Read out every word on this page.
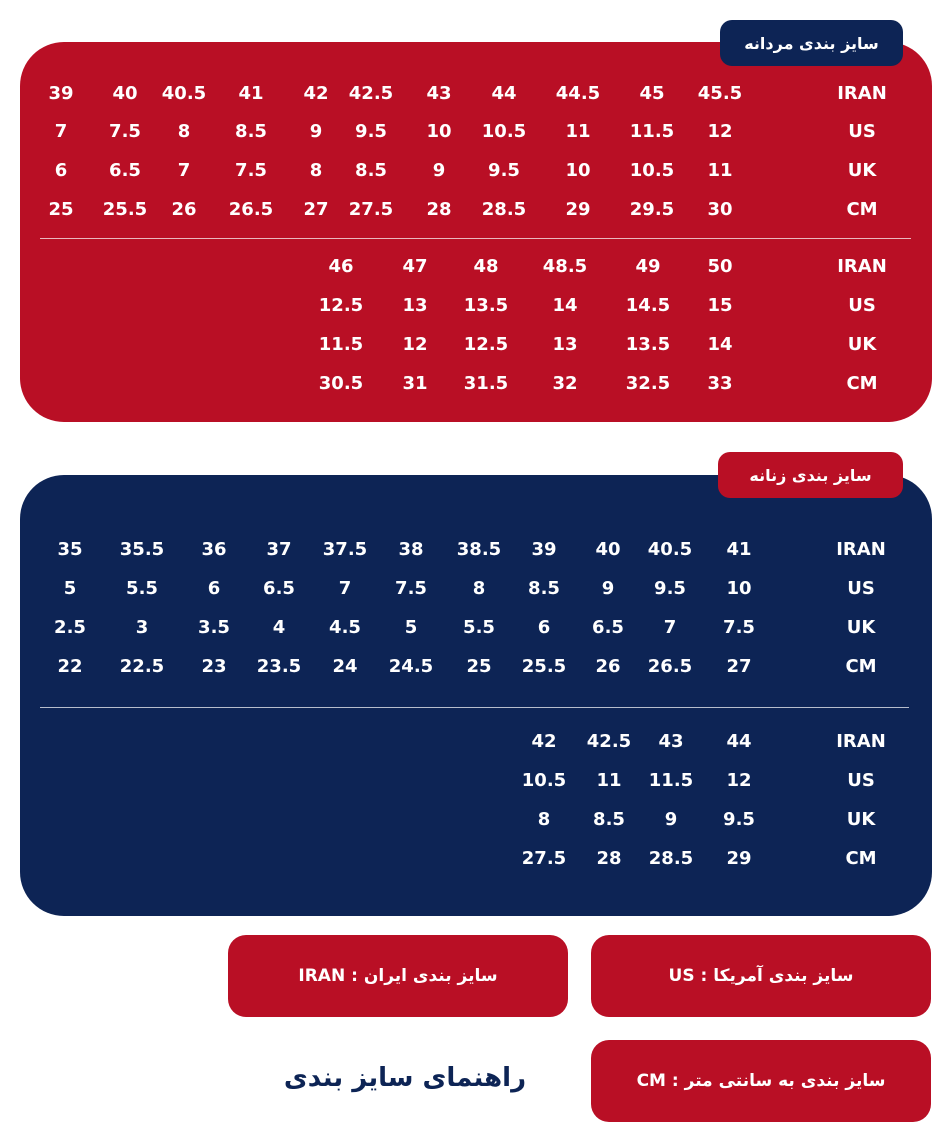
سایز بندی مردانه
IRAN
39	40	40.5	41	42	42.5	43	44	44.5	45	45.5
US
7	7.5	8	8.5	9	9.5	10	10.5	11	11.5	12
UK
6	6.5	7	7.5	8	8.5	9	9.5	10	10.5	11
CM
25	25.5	26	26.5	27	27.5	28	28.5	29	29.5	30
IRAN
46	47	48	48.5	49	50
US
12.5	13	13.5	14	14.5	15
UK
11.5	12	12.5	13	13.5	14
CM
30.5	31	31.5	32	32.5	33
سایز بندی زنانه
IRAN
35	35.5	36	37	37.5	38	38.5	39	40	40.5	41
US
5	5.5	6	6.5	7	7.5	8	8.5	9	9.5	10
UK
2.5	3	3.5	4	4.5	5	5.5	6	6.5	7	7.5
CM
22	22.5	23	23.5	24	24.5	25	25.5	26	26.5	27
IRAN
42	42.5	43	44
US
10.5	11	11.5	12
UK
8	8.5	9	9.5
CM
27.5	28	28.5	29
سایز بندی ایران : IRAN	سایز بندی آمریکا : US
سایز بندی به سانتی متر : CM
راهنمای سایز بندی
